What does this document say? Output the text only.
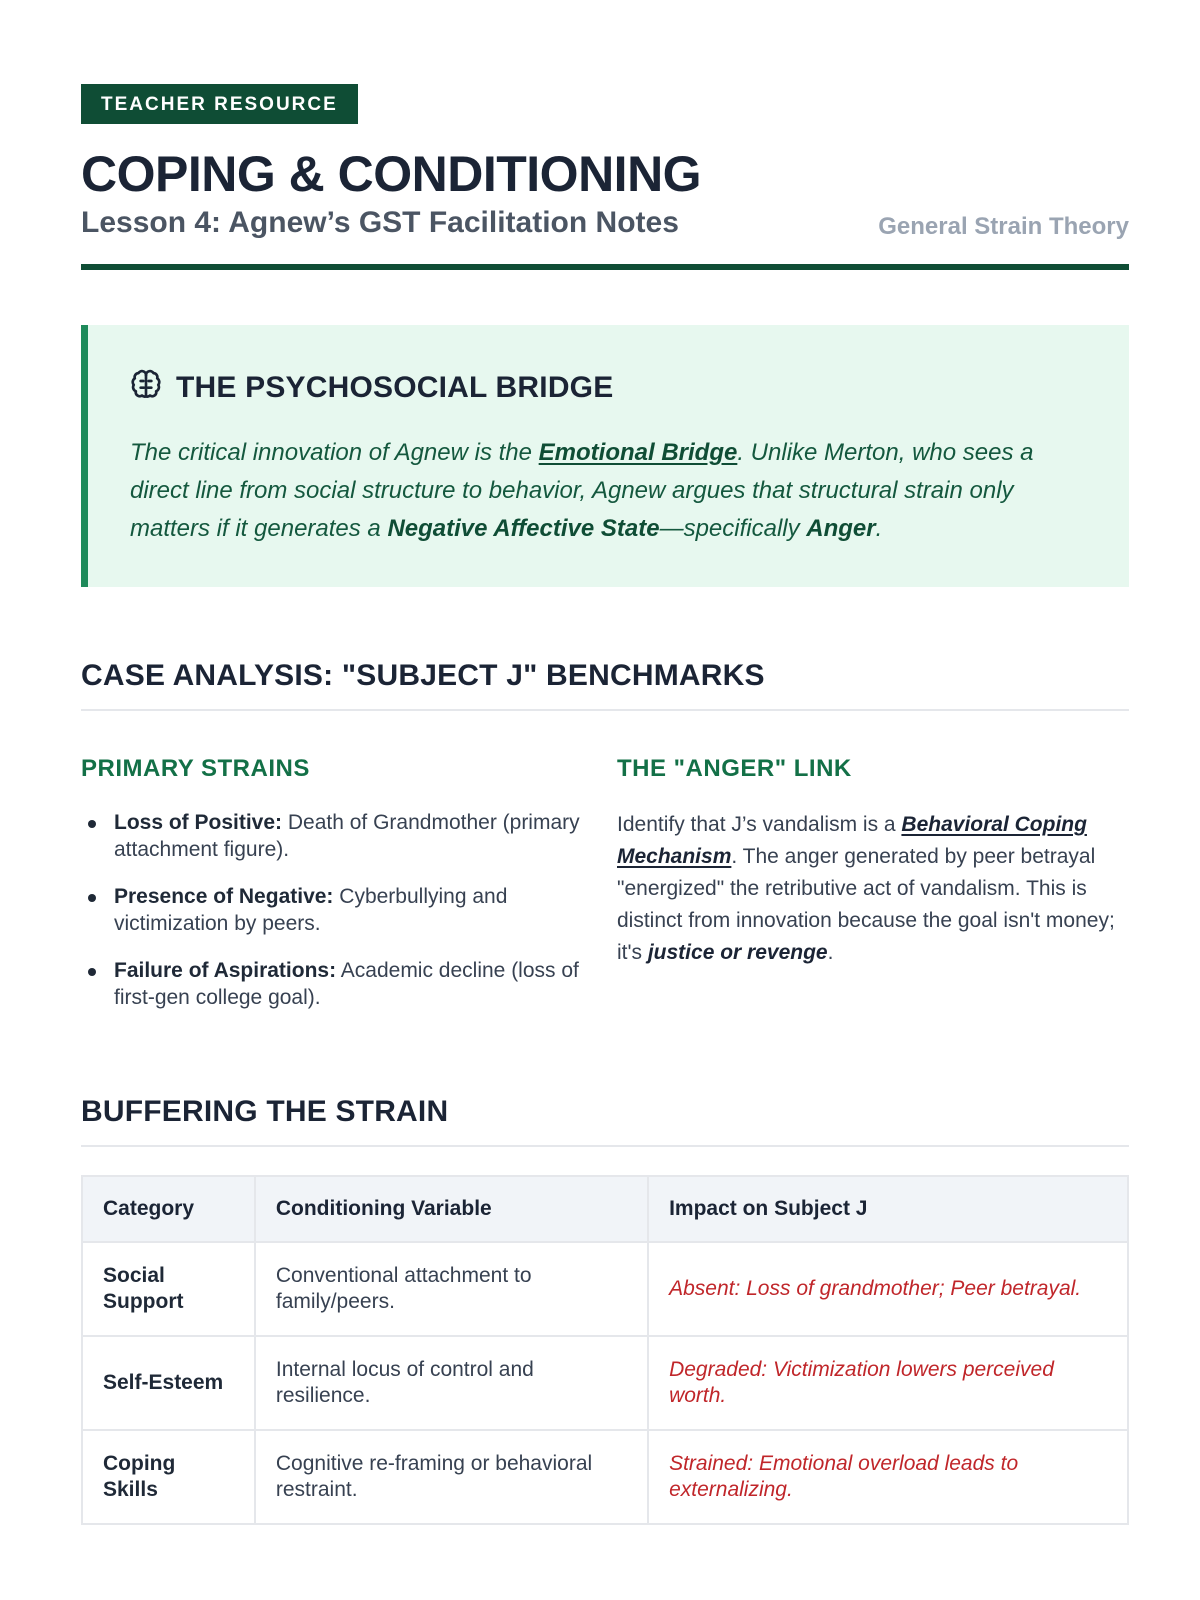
TEACHER RESOURCE
COPING & CONDITIONING
Lesson 4: Agnew’s GST Facilitation Notes	General Strain Theory
THE PSYCHOSOCIAL BRIDGE

The critical innovation of Agnew is the Emotional Bridge. Unlike Merton, who sees a direct line from social structure to behavior, Agnew argues that structural strain only matters if it generates a Negative Affective State—specifically Anger.

CASE ANALYSIS: "SUBJECT J" BENCHMARKS
PRIMARY STRAINS
Loss of Positive: Death of Grandmother (primary attachment figure).
Presence of Negative: Cyberbullying and victimization by peers.
Failure of Aspirations: Academic decline (loss of first-gen college goal).
THE "ANGER" LINK

Identify that J’s vandalism is a Behavioral Coping Mechanism. The anger generated by peer betrayal "energized" the retributive act of vandalism. This is distinct from innovation because the goal isn't money; it's justice or revenge.

BUFFERING THE STRAIN
Category	Conditioning Variable	Impact on Subject J
Social Support	Conventional attachment to family/peers.	Absent: Loss of grandmother; Peer betrayal.
Self-Esteem	Internal locus of control and resilience.	Degraded: Victimization lowers perceived worth.
Coping Skills	Cognitive re-framing or behavioral restraint.	Strained: Emotional overload leads to externalizing.
